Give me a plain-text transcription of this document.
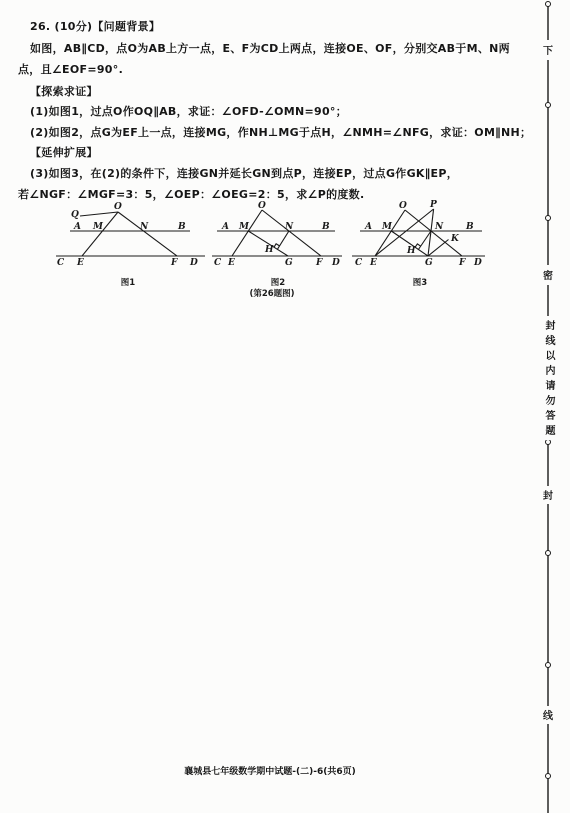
26. (10分)【问题背景】
如图，AB∥CD，点O为AB上方一点，E、F为CD上两点，连接OE、OF，分别交AB于M、N两
点，且∠EOF=90°.
【探索求证】
(1)如图1，过点O作OQ∥AB，求证：∠OFD-∠OMN=90°；
(2)如图2，点G为EF上一点，连接MG，作NH⊥MG于点H，∠NMH=∠NFG，求证：OM∥NH；
【延伸扩展】
(3)如图3，在(2)的条件下，连接GN并延长GN到点P，连接EP，过点G作GK∥EP，
若∠NGF：∠MGF=3：5，∠OEP：∠OEG=2：5，求∠P的度数.
Q
O
A M	N	B
C E	F D
图1
O
A M	N	B
H
C E	G	F D
图2
O	P
A M	N	B
K
H
C E	G	F D
图3
(第26题图)
襄城县七年级数学期中试题-(二)-6(共6页)
下
密
封
线
封线以内请勿答题
